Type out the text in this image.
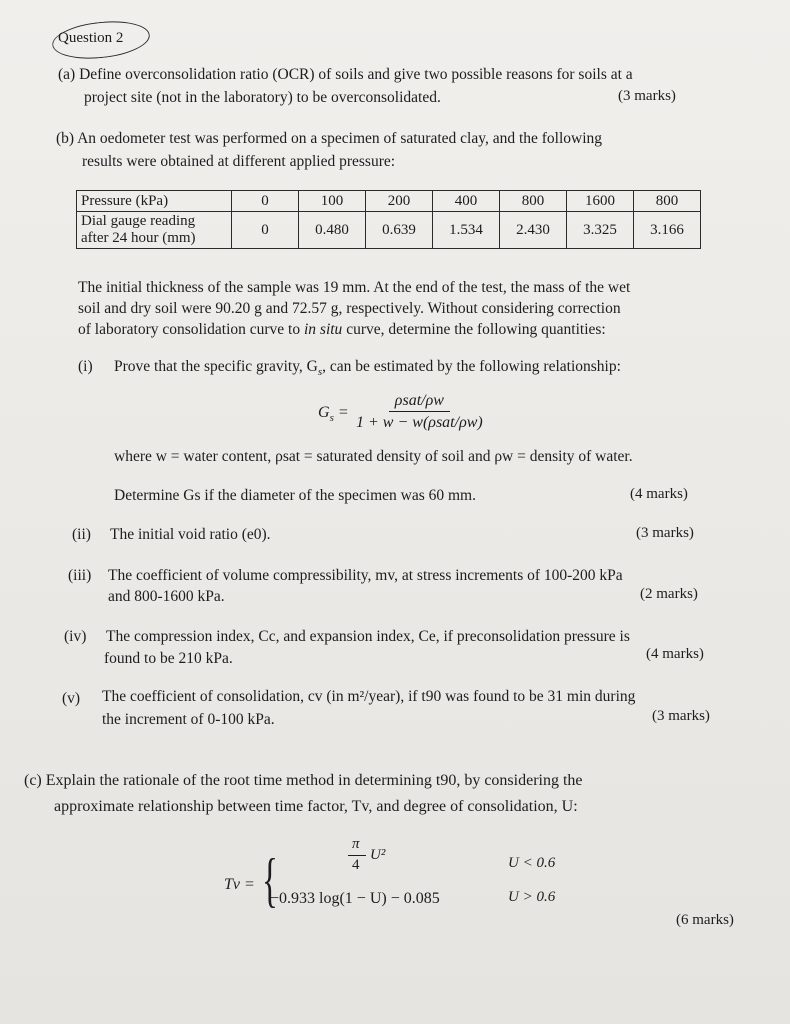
Question 2
(a) Define overconsolidation ratio (OCR) of soils and give two possible reasons for soils at a
project site (not in the laboratory) to be overconsolidated.	(3 marks)
(b) An oedometer test was performed on a specimen of saturated clay, and the following
results were obtained at different applied pressure:
Pressure (kPa)	0	100	200	400	800	1600	800

Dial gauge reading
after 24 hour (mm)	0	0.480	0.639	1.534	2.430	3.325	3.166
The initial thickness of the sample was 19 mm. At the end of the test, the mass of the wet
soil and dry soil were 90.20 g and 72.57 g, respectively. Without considering correction
of laboratory consolidation curve to in situ curve, determine the following quantities:
(i) Prove that the specific gravity, $G_s$, can be estimated by the following relationship:
$G_s$ =
ρsat/ρw
1 + w − w(ρsat/ρw)
where w = water content, ρsat = saturated density of soil and ρw = density of water.
Determine Gs if the diameter of the specimen was 60 mm.	(4 marks)
(ii) The initial void ratio (e0).	(3 marks)
(iii) The coefficient of volume compressibility, mv, at stress increments of 100-200 kPa
and 800-1600 kPa.	(2 marks)
(iv) The compression index, Cc, and expansion index, Ce, if preconsolidation pressure is
found to be 210 kPa.	(4 marks)
(v) The coefficient of consolidation, cv (in m²/year), if t90 was found to be 31 min during
the increment of 0-100 kPa.	(3 marks)
(c) Explain the rationale of the root time method in determining t90, by considering the
approximate relationship between time factor, Tv, and degree of consolidation, U:
Tv = {
π
4
U²	U < 0.6
−0.933 log(1 − U) − 0.085	U > 0.6
(6 marks)
